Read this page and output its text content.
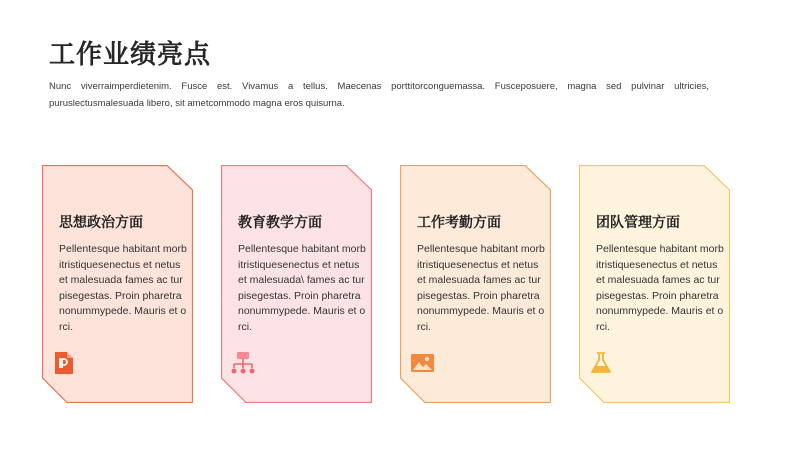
工作业绩亮点

Nunc viverraimperdietenim. Fusce est. Vivamus a tellus. Maecenas porttitorconguemassa. Fusceposuere, magna sed pulvinar ultricies, puruslectusmalesuada libero, sit ametcommodo magna eros quisurna.

思想政治方面

Pellentesque habitant morbitristiquesenectus et netus et malesuada fames ac turpisegestas. Proin pharetra nonummypede. Mauris et orci.

教育教学方面

Pellentesque habitant morbitristiquesenectus et netus et malesuada\ fames ac turpisegestas. Proin pharetra nonummypede. Mauris et orci.

工作考勤方面

Pellentesque habitant morbitristiquesenectus et netus et malesuada fames ac turpisegestas. Proin pharetra nonummypede. Mauris et orci.

团队管理方面

Pellentesque habitant morbitristiquesenectus et netus et malesuada fames ac turpisegestas. Proin pharetra nonummypede. Mauris et orci.
